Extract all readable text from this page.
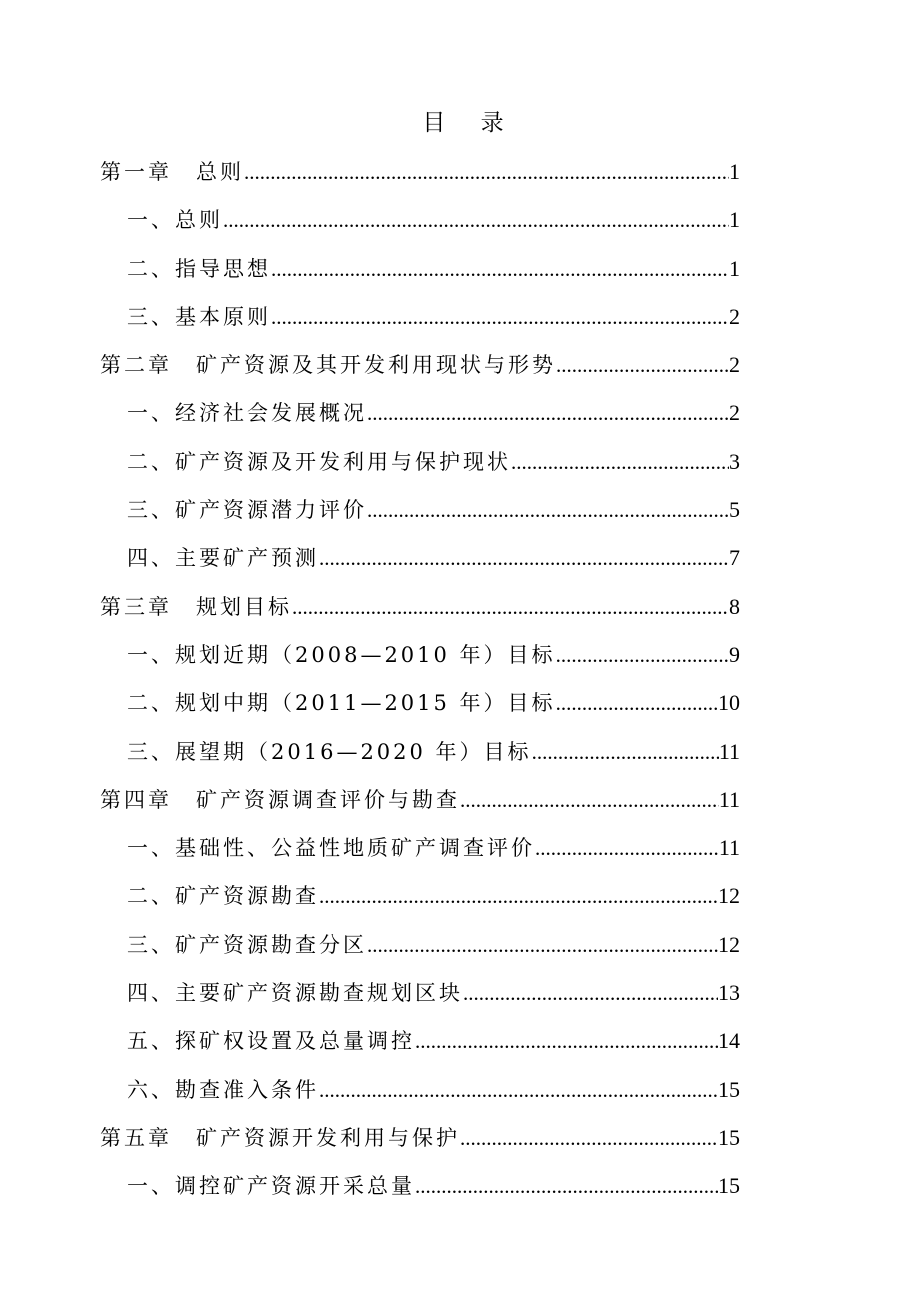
目 录
第一章　总则 .....	1
一、总则 .....	1
二、指导思想 .....	1
三、基本原则 .....	2
第二章　矿产资源及其开发利用现状与形势 .....	2
一、经济社会发展概况 .....	2
二、矿产资源及开发利用与保护现状 .....	3
三、矿产资源潜力评价 .....	5
四、主要矿产预测 .....	7
第三章　规划目标 .....	8
一、规划近期（2008—2010 年）目标 .....	9
二、规划中期（2011—2015 年）目标 .....	10
三、展望期（2016—2020 年）目标 .....	11
第四章　矿产资源调查评价与勘查 .....	11
一、基础性、公益性地质矿产调查评价 .....	11
二、矿产资源勘查 .....	12
三、矿产资源勘查分区 .....	12
四、主要矿产资源勘查规划区块 .....	13
五、探矿权设置及总量调控 .....	14
六、勘查准入条件 .....	15
第五章　矿产资源开发利用与保护 .....	15
一、调控矿产资源开采总量 .....	15
